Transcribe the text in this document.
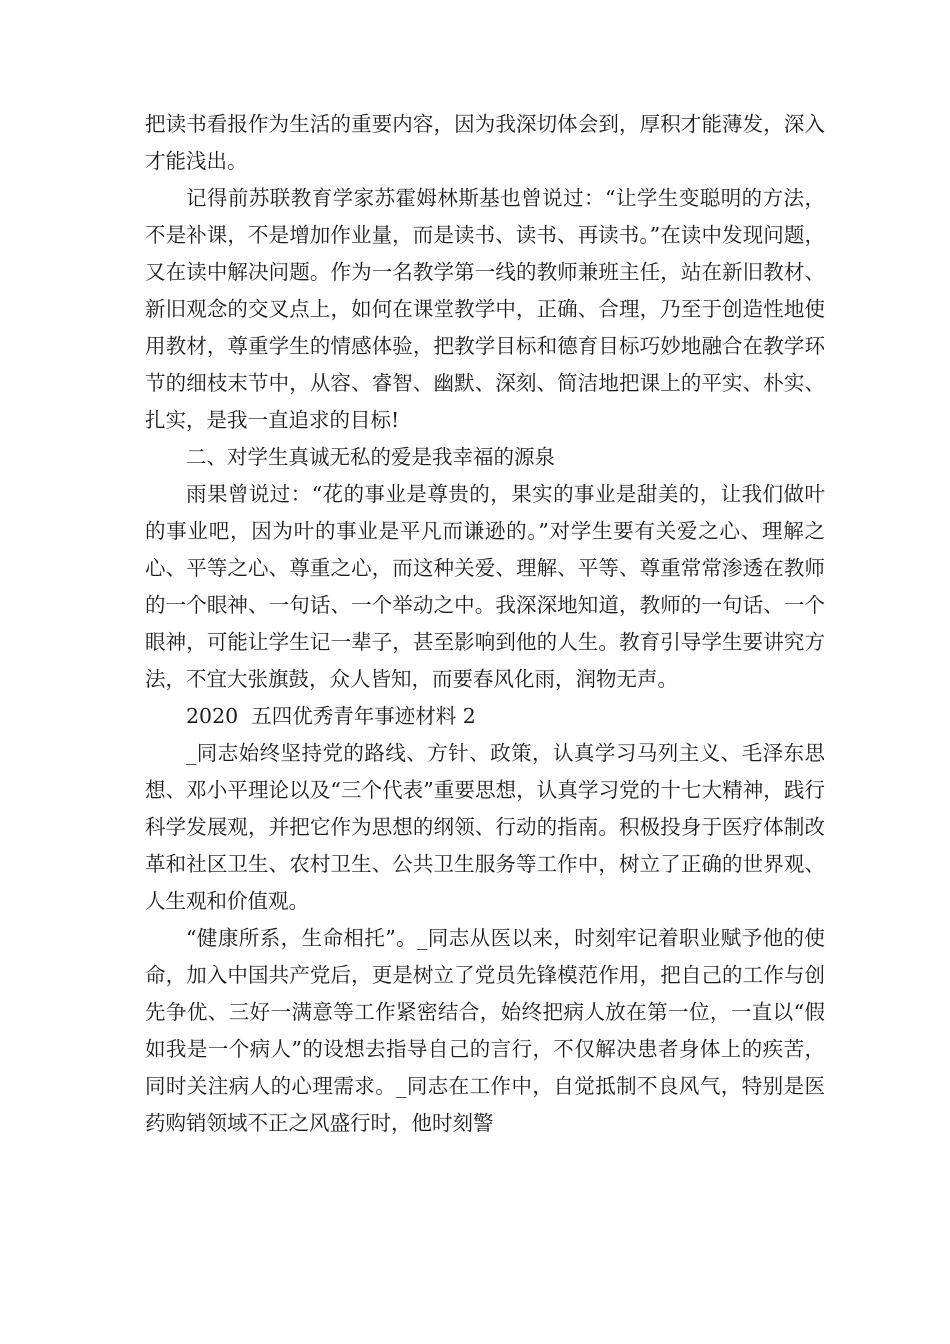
把读书看报作为生活的重要内容，因为我深切体会到，厚积才能薄发，深入才能浅出。

记得前苏联教育学家苏霍姆林斯基也曾说过：“让学生变聪明的方法，不是补课，不是增加作业量，而是读书、读书、再读书。”在读中发现问题，又在读中解决问题。作为一名教学第一线的教师兼班主任，站在新旧教材、新旧观念的交叉点上，如何在课堂教学中，正确、合理，乃至于创造性地使用教材，尊重学生的情感体验，把教学目标和德育目标巧妙地融合在教学环节的细枝末节中，从容、睿智、幽默、深刻、简洁地把课上的平实、朴实、扎实，是我一直追求的目标!

二、对学生真诚无私的爱是我幸福的源泉

雨果曾说过：“花的事业是尊贵的，果实的事业是甜美的，让我们做叶的事业吧，因为叶的事业是平凡而谦逊的。”对学生要有关爱之心、理解之心、平等之心、尊重之心，而这种关爱、理解、平等、尊重常常渗透在教师的一个眼神、一句话、一个举动之中。我深深地知道，教师的一句话、一个眼神，可能让学生记一辈子，甚至影响到他的人生。教育引导学生要讲究方法，不宜大张旗鼓，众人皆知，而要春风化雨，润物无声。

2020  五四优秀青年事迹材料 2

_同志始终坚持党的路线、方针、政策，认真学习马列主义、毛泽东思想、邓小平理论以及“三个代表”重要思想，认真学习党的十七大精神，践行科学发展观，并把它作为思想的纲领、行动的指南。积极投身于医疗体制改革和社区卫生、农村卫生、公共卫生服务等工作中，树立了正确的世界观、人生观和价值观。

“健康所系，生命相托”。_同志从医以来，时刻牢记着职业赋予他的使命，加入中国共产党后，更是树立了党员先锋模范作用，把自己的工作与创先争优、三好一满意等工作紧密结合，始终把病人放在第一位，一直以“假如我是一个病人”的设想去指导自己的言行，不仅解决患者身体上的疾苦，同时关注病人的心理需求。_同志在工作中，自觉抵制不良风气，特别是医药购销领域不正之风盛行时，他时刻警
